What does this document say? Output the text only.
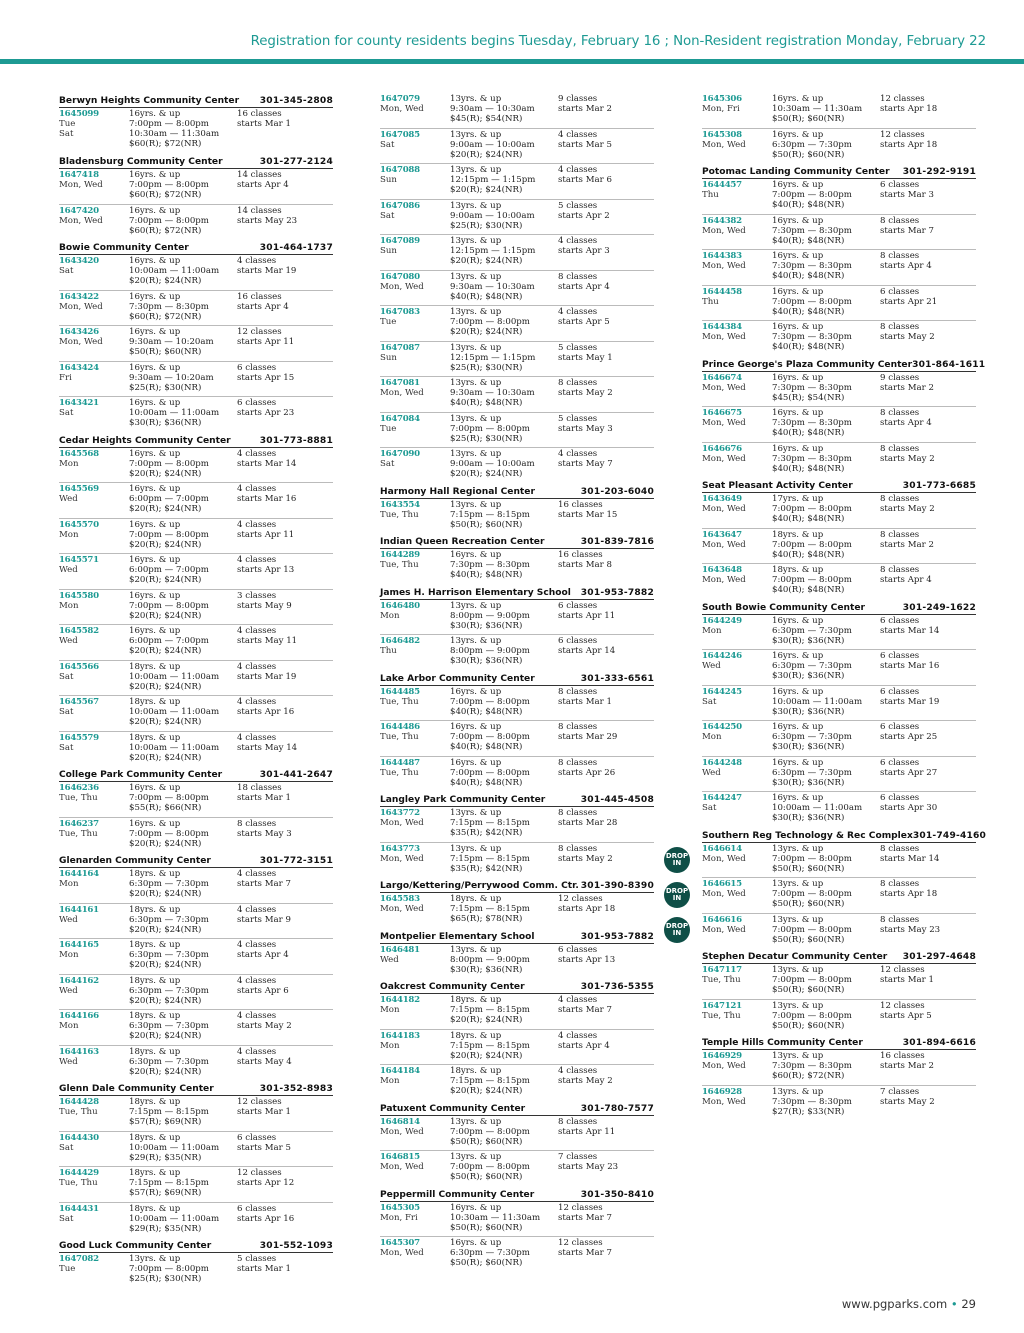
Registration for county residents begins Tuesday, February 16 ; Non-Resident registration Monday, February 22
Berwyn Heights Community Center 301-345-2808
1645099
Tue
16yrs. & up
7:00pm — 8:00pm
Sat	10:30am — 11:30am
$60(R); $72(NR)
16 classes
starts Mar 1
Bladensburg Community Center	301-277-2124
1647418
Mon, Wed
16yrs. & up
7:00pm — 8:00pm
$60(R); $72(NR)
14 classes
starts Apr 4
1647420
Mon, Wed
16yrs. & up
7:00pm — 8:00pm
$60(R); $72(NR)
14 classes
starts May 23
Bowie Community Center	301-464-1737
1643420
Sat
16yrs. & up
10:00am — 11:00am
$20(R); $24(NR)
4 classes
starts Mar 19
1643422
Mon, Wed
16yrs. & up
7:30pm — 8:30pm
$60(R); $72(NR)
16 classes
starts Apr 4
1643426
Mon, Wed
16yrs. & up
9:30am — 10:20am
$50(R); $60(NR)
12 classes
starts Apr 11
1643424
Fri
16yrs. & up
9:30am — 10:20am
$25(R); $30(NR)
6 classes
starts Apr 15
1643421
Sat
16yrs. & up
10:00am — 11:00am
$30(R); $36(NR)
6 classes
starts Apr 23
Cedar Heights Community Center	301-773-8881
1645568
Mon
16yrs. & up
7:00pm — 8:00pm
$20(R); $24(NR)
4 classes
starts Mar 14
1645569
Wed
16yrs. & up
6:00pm — 7:00pm
$20(R); $24(NR)
4 classes
starts Mar 16
1645570
Mon
16yrs. & up
7:00pm — 8:00pm
$20(R); $24(NR)
4 classes
starts Apr 11
1645571
Wed
16yrs. & up
6:00pm — 7:00pm
$20(R); $24(NR)
4 classes
starts Apr 13
1645580
Mon
16yrs. & up
7:00pm — 8:00pm
$20(R); $24(NR)
3 classes
starts May 9
1645582
Wed
16yrs. & up
6:00pm — 7:00pm
$20(R); $24(NR)
4 classes
starts May 11
1645566
Sat
18yrs. & up
10:00am — 11:00am
$20(R); $24(NR)
4 classes
starts Mar 19
1645567
Sat
18yrs. & up
10:00am — 11:00am
$20(R); $24(NR)
4 classes
starts Apr 16
1645579
Sat
18yrs. & up
10:00am — 11:00am
$20(R); $24(NR)
4 classes
starts May 14
College Park Community Center	301-441-2647
1646236
Tue, Thu
16yrs. & up
7:00pm — 8:00pm
$55(R); $66(NR)
18 classes
starts Mar 1
1646237
Tue, Thu
16yrs. & up
7:00pm — 8:00pm
$20(R); $24(NR)
8 classes
starts May 3
Glenarden Community Center	301-772-3151
1644164
Mon
18yrs. & up
6:30pm — 7:30pm
$20(R); $24(NR)
4 classes
starts Mar 7
1644161
Wed
18yrs. & up
6:30pm — 7:30pm
$20(R); $24(NR)
4 classes
starts Mar 9
1644165
Mon
18yrs. & up
6:30pm — 7:30pm
$20(R); $24(NR)
4 classes
starts Apr 4
1644162
Wed
18yrs. & up
6:30pm — 7:30pm
$20(R); $24(NR)
4 classes
starts Apr 6
1644166
Mon
18yrs. & up
6:30pm — 7:30pm
$20(R); $24(NR)
4 classes
starts May 2
1644163
Wed
18yrs. & up
6:30pm — 7:30pm
$20(R); $24(NR)
4 classes
starts May 4
Glenn Dale Community Center	301-352-8983
1644428
Tue, Thu
18yrs. & up
7:15pm — 8:15pm
$57(R); $69(NR)
12 classes
starts Mar 1
1644430
Sat
18yrs. & up
10:00am — 11:00am
$29(R); $35(NR)
6 classes
starts Mar 5
1644429
Tue, Thu
18yrs. & up
7:15pm — 8:15pm
$57(R); $69(NR)
12 classes
starts Apr 12
1644431
Sat
18yrs. & up
10:00am — 11:00am
$29(R); $35(NR)
6 classes
starts Apr 16
Good Luck Community Center	301-552-1093
1647082
Tue
13yrs. & up
7:00pm — 8:00pm
$25(R); $30(NR)
5 classes
starts Mar 1
1647079
Mon, Wed
13yrs. & up
9:30am — 10:30am
$45(R); $54(NR)
9 classes
starts Mar 2
1647085
Sat
13yrs. & up
9:00am — 10:00am
$20(R); $24(NR)
4 classes
starts Mar 5
1647088
Sun
13yrs. & up
12:15pm — 1:15pm
$20(R); $24(NR)
4 classes
starts Mar 6
1647086
Sat
13yrs. & up
9:00am — 10:00am
$25(R); $30(NR)
5 classes
starts Apr 2
1647089
Sun
13yrs. & up
12:15pm — 1:15pm
$20(R); $24(NR)
4 classes
starts Apr 3
1647080
Mon, Wed
13yrs. & up
9:30am — 10:30am
$40(R); $48(NR)
8 classes
starts Apr 4
1647083
Tue
13yrs. & up
7:00pm — 8:00pm
$20(R); $24(NR)
4 classes
starts Apr 5
1647087
Sun
13yrs. & up
12:15pm — 1:15pm
$25(R); $30(NR)
5 classes
starts May 1
1647081
Mon, Wed
13yrs. & up
9:30am — 10:30am
$40(R); $48(NR)
8 classes
starts May 2
1647084
Tue
13yrs. & up
7:00pm — 8:00pm
$25(R); $30(NR)
5 classes
starts May 3
1647090
Sat
13yrs. & up
9:00am — 10:00am
$20(R); $24(NR)
4 classes
starts May 7
Harmony Hall Regional Center	301-203-6040
1643554
Tue, Thu
13yrs. & up
7:15pm — 8:15pm
$50(R); $60(NR)
16 classes
starts Mar 15
Indian Queen Recreation Center	301-839-7816
1644289
Tue, Thu
16yrs. & up
7:30pm — 8:30pm
$40(R); $48(NR)
16 classes
starts Mar 8
James H. Harrison Elementary School 301-953-7882
1646480
Mon
13yrs. & up
8:00pm — 9:00pm
$30(R); $36(NR)
6 classes
starts Apr 11
1646482
Thu
13yrs. & up
8:00pm — 9:00pm
$30(R); $36(NR)
6 classes
starts Apr 14
Lake Arbor Community Center	301-333-6561
1644485
Tue, Thu
16yrs. & up
7:00pm — 8:00pm
$40(R); $48(NR)
8 classes
starts Mar 1
1644486
Tue, Thu
16yrs. & up
7:00pm — 8:00pm
$40(R); $48(NR)
8 classes
starts Mar 29
1644487
Tue, Thu
16yrs. & up
7:00pm — 8:00pm
$40(R); $48(NR)
8 classes
starts Apr 26
Langley Park Community Center	301-445-4508
1643772
Mon, Wed
13yrs. & up
7:15pm — 8:15pm
$35(R); $42(NR)
8 classes
starts Mar 28
1643773
Mon, Wed
13yrs. & up
7:15pm — 8:15pm
$35(R); $42(NR)
8 classes
starts May 2
Largo/Kettering/Perrywood Comm. Ctr. 301-390-8390
1645583
Mon, Wed
18yrs. & up
7:15pm — 8:15pm
$65(R); $78(NR)
12 classes
starts Apr 18
Montpelier Elementary School	301-953-7882
1646481
Wed
13yrs. & up
8:00pm — 9:00pm
$30(R); $36(NR)
6 classes
starts Apr 13
Oakcrest Community Center	301-736-5355
1644182
Mon
18yrs. & up
7:15pm — 8:15pm
$20(R); $24(NR)
4 classes
starts Mar 7
1644183
Mon
18yrs. & up
7:15pm — 8:15pm
$20(R); $24(NR)
4 classes
starts Apr 4
1644184
Mon
18yrs. & up
7:15pm — 8:15pm
$20(R); $24(NR)
4 classes
starts May 2
Patuxent Community Center	301-780-7577
1646814
Mon, Wed
13yrs. & up
7:00pm — 8:00pm
$50(R); $60(NR)
8 classes
starts Apr 11
1646815
Mon, Wed
13yrs. & up
7:00pm — 8:00pm
$50(R); $60(NR)
7 classes
starts May 23
Peppermill Community Center	301-350-8410
1645305
Mon, Fri
16yrs. & up
10:30am — 11:30am
$50(R); $60(NR)
12 classes
starts Mar 7
1645307
Mon, Wed
16yrs. & up
6:30pm — 7:30pm
$50(R); $60(NR)
12 classes
starts Mar 7
1645306
Mon, Fri
16yrs. & up
10:30am — 11:30am
$50(R); $60(NR)
12 classes
starts Apr 18
1645308
Mon, Wed
16yrs. & up
6:30pm — 7:30pm
$50(R); $60(NR)
12 classes
starts Apr 18
Potomac Landing Community Center 301-292-9191
1644457
Thu
16yrs. & up
7:00pm — 8:00pm
$40(R); $48(NR)
6 classes
starts Mar 3
1644382
Mon, Wed
16yrs. & up
7:30pm — 8:30pm
$40(R); $48(NR)
8 classes
starts Mar 7
1644383
Mon, Wed
16yrs. & up
7:30pm — 8:30pm
$40(R); $48(NR)
8 classes
starts Apr 4
1644458
Thu
16yrs. & up
7:00pm — 8:00pm
$40(R); $48(NR)
6 classes
starts Apr 21
1644384
Mon, Wed
16yrs. & up
7:30pm — 8:30pm
$40(R); $48(NR)
8 classes
starts May 2
Prince George's Plaza Community Center 301-864-1611
1646674
Mon, Wed
16yrs. & up
7:30pm — 8:30pm
$45(R); $54(NR)
9 classes
starts Mar 2
1646675
Mon, Wed
16yrs. & up
7:30pm — 8:30pm
$40(R); $48(NR)
8 classes
starts Apr 4
1646676
Mon, Wed
16yrs. & up
7:30pm — 8:30pm
$40(R); $48(NR)
8 classes
starts May 2
Seat Pleasant Activity Center	301-773-6685
1643649
Mon, Wed
17yrs. & up
7:00pm — 8:00pm
$40(R); $48(NR)
8 classes
starts May 2
1643647
Mon, Wed
18yrs. & up
7:00pm — 8:00pm
$40(R); $48(NR)
8 classes
starts Mar 2
1643648
Mon, Wed
18yrs. & up
7:00pm — 8:00pm
$40(R); $48(NR)
8 classes
starts Apr 4
South Bowie Community Center	301-249-1622
1644249
Mon
16yrs. & up
6:30pm — 7:30pm
$30(R); $36(NR)
6 classes
starts Mar 14
1644246
Wed
16yrs. & up
6:30pm — 7:30pm
$30(R); $36(NR)
6 classes
starts Mar 16
1644245
Sat
16yrs. & up
10:00am — 11:00am
$30(R); $36(NR)
6 classes
starts Mar 19
1644250
Mon
16yrs. & up
6:30pm — 7:30pm
$30(R); $36(NR)
6 classes
starts Apr 25
1644248
Wed
16yrs. & up
6:30pm — 7:30pm
$30(R); $36(NR)
6 classes
starts Apr 27
1644247
Sat
16yrs. & up
10:00am — 11:00am
$30(R); $36(NR)
6 classes
starts Apr 30
Southern Reg Technology & Rec Complex 301-749-4160
1646614
Mon, Wed
13yrs. & up
7:00pm — 8:00pm
$50(R); $60(NR)
8 classes
starts Mar 14
1646615
Mon, Wed
13yrs. & up
7:00pm — 8:00pm
$50(R); $60(NR)
8 classes
starts Apr 18
1646616
Mon, Wed
13yrs. & up
7:00pm — 8:00pm
$50(R); $60(NR)
8 classes
starts May 23
Stephen Decatur Community Center 301-297-4648
1647117
Tue, Thu
13yrs. & up
7:00pm — 8:00pm
$50(R); $60(NR)
12 classes
starts Mar 1
1647121
Tue, Thu
13yrs. & up
7:00pm — 8:00pm
$50(R); $60(NR)
12 classes
starts Apr 5
Temple Hills Community Center	301-894-6616
1646929
Mon, Wed
13yrs. & up
7:30pm — 8:30pm
$60(R); $72(NR)
16 classes
starts Mar 2
1646928
Mon, Wed
13yrs. & up
7:30pm — 8:30pm
$27(R); $33(NR)
7 classes
starts May 2
DROP
IN
DROP
IN
DROP
IN
www.pgparks.com • 29
